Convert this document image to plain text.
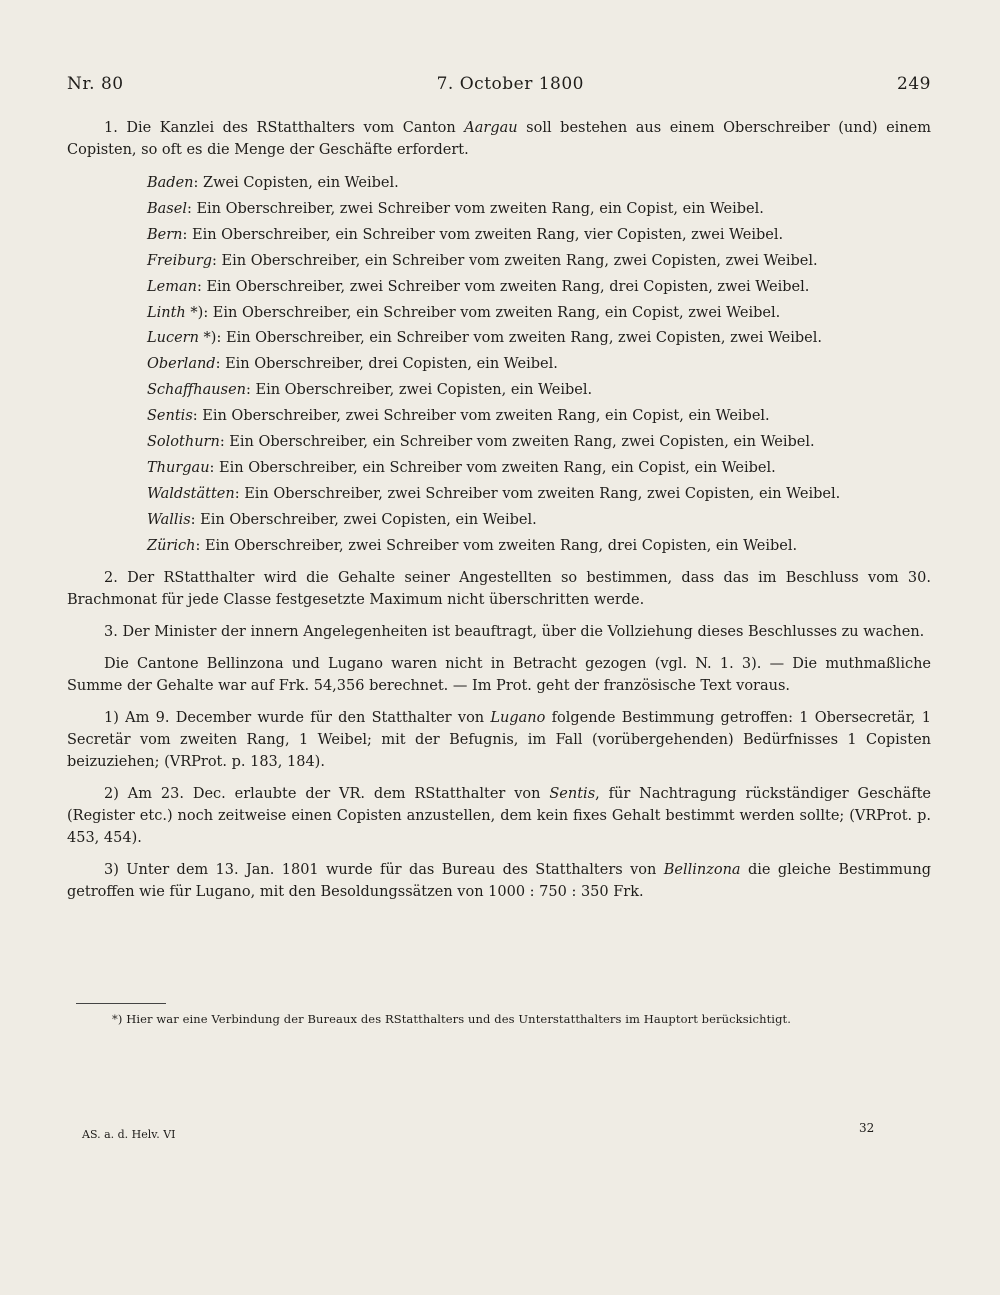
Nr. 80	7. October 1800	249

1. Die Kanzlei des RStatthalters vom Canton Aargau soll bestehen aus einem Oberschreiber (und) einem Copisten, so oft es die Menge der Geschäfte erfordert.

Baden: Zwei Copisten, ein Weibel.
Basel: Ein Oberschreiber, zwei Schreiber vom zweiten Rang, ein Copist, ein Weibel.
Bern: Ein Oberschreiber, ein Schreiber vom zweiten Rang, vier Copisten, zwei Weibel.
Freiburg: Ein Oberschreiber, ein Schreiber vom zweiten Rang, zwei Copisten, zwei Weibel.
Leman: Ein Oberschreiber, zwei Schreiber vom zweiten Rang, drei Copisten, zwei Weibel.
Linth *): Ein Oberschreiber, ein Schreiber vom zweiten Rang, ein Copist, zwei Weibel.
Lucern *): Ein Oberschreiber, ein Schreiber vom zweiten Rang, zwei Copisten, zwei Weibel.
Oberland: Ein Oberschreiber, drei Copisten, ein Weibel.
Schaffhausen: Ein Oberschreiber, zwei Copisten, ein Weibel.
Sentis: Ein Oberschreiber, zwei Schreiber vom zweiten Rang, ein Copist, ein Weibel.
Solothurn: Ein Oberschreiber, ein Schreiber vom zweiten Rang, zwei Copisten, ein Weibel.
Thurgau: Ein Oberschreiber, ein Schreiber vom zweiten Rang, ein Copist, ein Weibel.
Waldstätten: Ein Oberschreiber, zwei Schreiber vom zweiten Rang, zwei Copisten, ein Weibel.
Wallis: Ein Oberschreiber, zwei Copisten, ein Weibel.
Zürich: Ein Oberschreiber, zwei Schreiber vom zweiten Rang, drei Copisten, ein Weibel.

2. Der RStatthalter wird die Gehalte seiner Angestellten so bestimmen, dass das im Beschluss vom 30. Brachmonat für jede Classe festgesetzte Maximum nicht überschritten werde.

3. Der Minister der innern Angelegenheiten ist beauftragt, über die Vollziehung dieses Beschlusses zu wachen.

Die Cantone Bellinzona und Lugano waren nicht in Betracht gezogen (vgl. N. 1. 3). — Die muthmaßliche Summe der Gehalte war auf Frk. 54,356 berechnet. — Im Prot. geht der französische Text voraus.

1) Am 9. December wurde für den Statthalter von Lugano folgende Bestimmung getroffen: 1 Obersecretär, 1 Secretär vom zweiten Rang, 1 Weibel; mit der Befugnis, im Fall (vorübergehenden) Bedürfnisses 1 Copisten beizuziehen; (VRProt. p. 183, 184).

2) Am 23. Dec. erlaubte der VR. dem RStatthalter von Sentis, für Nachtragung rückständiger Geschäfte (Register etc.) noch zeitweise einen Copisten anzustellen, dem kein fixes Gehalt bestimmt werden sollte; (VRProt. p. 453, 454).

3) Unter dem 13. Jan. 1801 wurde für das Bureau des Statthalters von Bellinzona die gleiche Bestimmung getroffen wie für Lugano, mit den Besoldungssätzen von 1000 : 750 : 350 Frk.

*) Hier war eine Verbindung der Bureaux des RStatthalters und des Unterstatthalters im Hauptort berücksichtigt.
AS. a. d. Helv. VI	32
